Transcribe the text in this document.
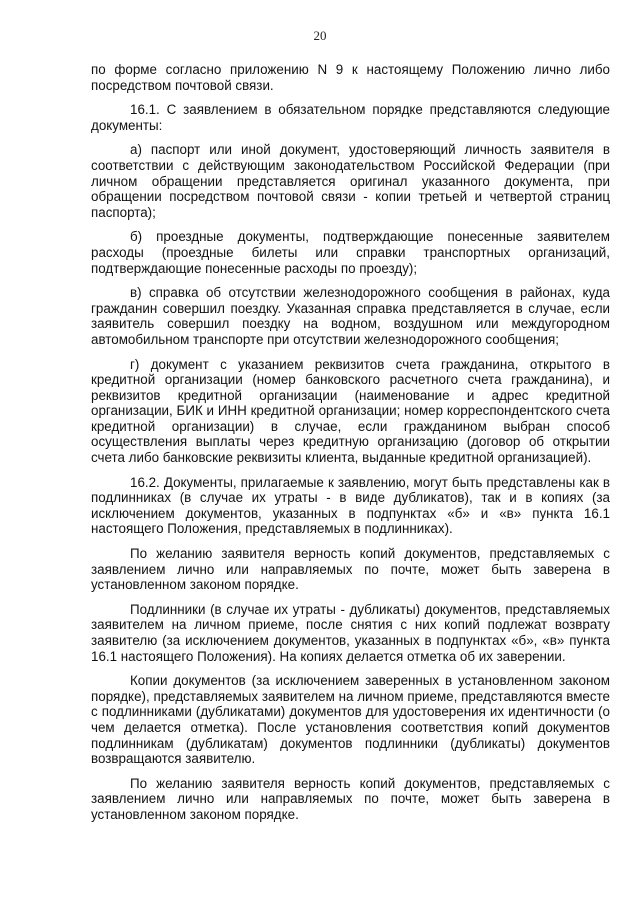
20

по форме согласно приложению N 9 к настоящему Положению лично либо посредством почтовой связи.

16.1. С заявлением в обязательном порядке представляются следующие документы:

а) паспорт или иной документ, удостоверяющий личность заявителя в соответствии с действующим законодательством Российской Федерации (при личном обращении представляется оригинал указанного документа, при обращении посредством почтовой связи - копии третьей и четвертой страниц паспорта);

б) проездные документы, подтверждающие понесенные заявителем расходы (проездные билеты или справки транспортных организаций, подтверждающие понесенные расходы по проезду);

в) справка об отсутствии железнодорожного сообщения в районах, куда гражданин совершил поездку. Указанная справка представляется в случае, если заявитель совершил поездку на водном, воздушном или междугородном автомобильном транспорте при отсутствии железнодорожного сообщения;

г) документ с указанием реквизитов счета гражданина, открытого в кредитной организации (номер банковского расчетного счета гражданина), и реквизитов кредитной организации (наименование и адрес кредитной организации, БИК и ИНН кредитной организации; номер корреспондентского счета кредитной организации) в случае, если гражданином выбран способ осуществления выплаты через кредитную организацию (договор об открытии счета либо банковские реквизиты клиента, выданные кредитной организацией).

16.2. Документы, прилагаемые к заявлению, могут быть представлены как в подлинниках (в случае их утраты - в виде дубликатов), так и в копиях (за исключением документов, указанных в подпунктах «б» и «в» пункта 16.1 настоящего Положения, представляемых в подлинниках).

По желанию заявителя верность копий документов, представляемых с заявлением лично или направляемых по почте, может быть заверена в установленном законом порядке.

Подлинники (в случае их утраты - дубликаты) документов, представляемых заявителем на личном приеме, после снятия с них копий подлежат возврату заявителю (за исключением документов, указанных в подпунктах «б», «в» пункта 16.1 настоящего Положения). На копиях делается отметка об их заверении.

Копии документов (за исключением заверенных в установленном законом порядке), представляемых заявителем на личном приеме, представляются вместе с подлинниками (дубликатами) документов для удостоверения их идентичности (о чем делается отметка). После установления соответствия копий документов подлинникам (дубликатам) документов подлинники (дубликаты) документов возвращаются заявителю.

По желанию заявителя верность копий документов, представляемых с заявлением лично или направляемых по почте, может быть заверена в установленном законом порядке.
